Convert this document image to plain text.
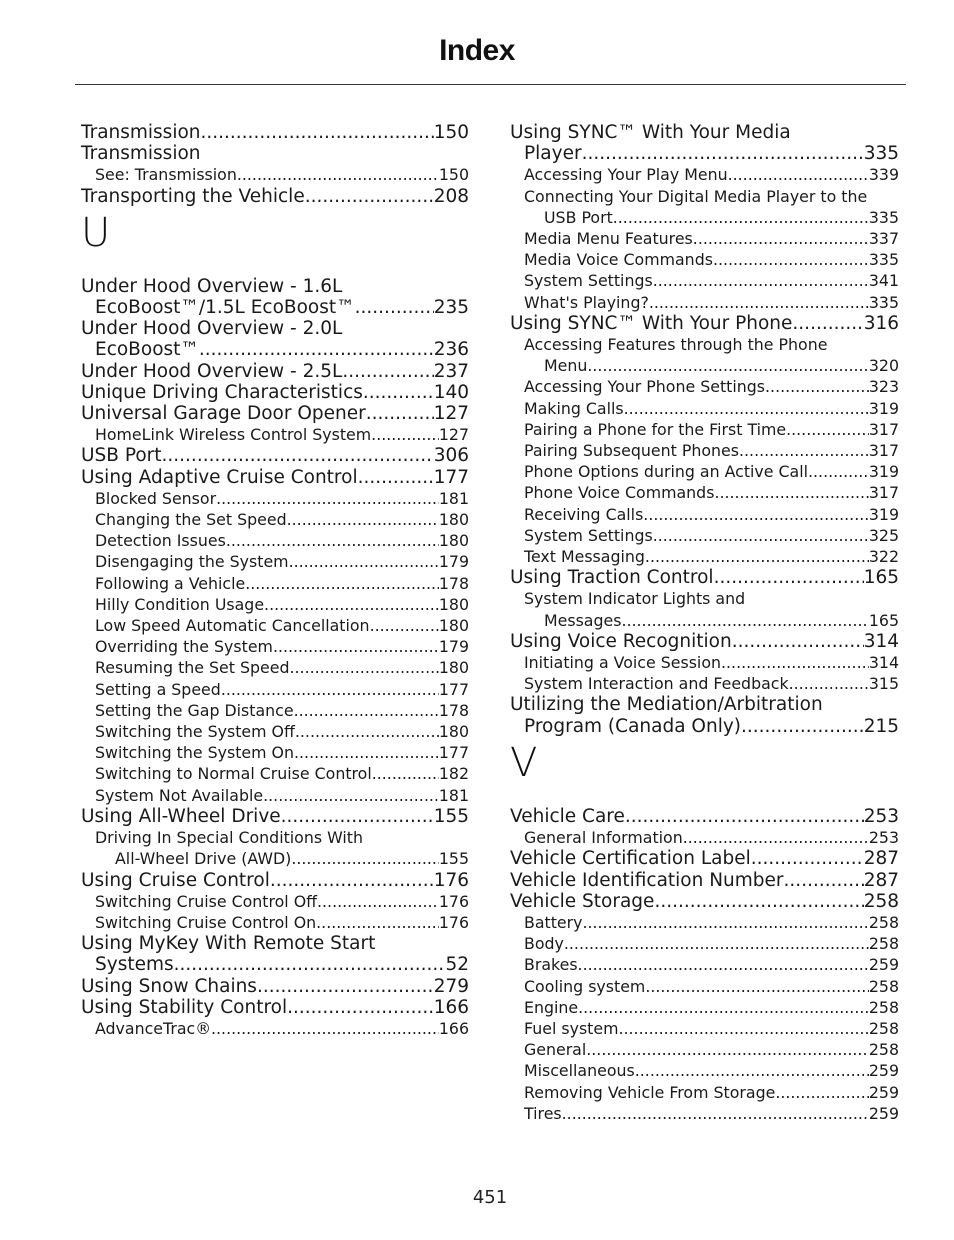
Index
Transmission .....	150
Transmission
See: Transmission .....	150
Transporting the Vehicle .....	208
U
Under Hood Overview - 1.6L
EcoBoost™/1.5L EcoBoost™ .....	235
Under Hood Overview - 2.0L
EcoBoost™ .....	236
Under Hood Overview - 2.5L .....	237
Unique Driving Characteristics .....	140
Universal Garage Door Opener .....	127
HomeLink Wireless Control System .....	127
USB Port .....	306
Using Adaptive Cruise Control .....	177
Blocked Sensor .....	181
Changing the Set Speed .....	180
Detection Issues .....	180
Disengaging the System .....	179
Following a Vehicle .....	178
Hilly Condition Usage .....	180
Low Speed Automatic Cancellation .....	180
Overriding the System .....	179
Resuming the Set Speed .....	180
Setting a Speed .....	177
Setting the Gap Distance .....	178
Switching the System Off .....	180
Switching the System On .....	177
Switching to Normal Cruise Control .....	182
System Not Available .....	181
Using All-Wheel Drive .....	155
Driving In Special Conditions With
All-Wheel Drive (AWD) .....	155
Using Cruise Control .....	176
Switching Cruise Control Off .....	176
Switching Cruise Control On .....	176
Using MyKey With Remote Start
Systems .....	52
Using Snow Chains .....	279
Using Stability Control .....	166
AdvanceTrac® .....	166
Using SYNC™ With Your Media
Player .....	335
Accessing Your Play Menu .....	339
Connecting Your Digital Media Player to the
USB Port .....	335
Media Menu Features .....	337
Media Voice Commands .....	335
System Settings .....	341
What's Playing? .....	335
Using SYNC™ With Your Phone .....	316
Accessing Features through the Phone
Menu .....	320
Accessing Your Phone Settings .....	323
Making Calls .....	319
Pairing a Phone for the First Time .....	317
Pairing Subsequent Phones .....	317
Phone Options during an Active Call .....	319
Phone Voice Commands .....	317
Receiving Calls .....	319
System Settings .....	325
Text Messaging .....	322
Using Traction Control .....	165
System Indicator Lights and
Messages .....	165
Using Voice Recognition .....	314
Initiating a Voice Session .....	314
System Interaction and Feedback .....	315
Utilizing the Mediation/Arbitration
Program (Canada Only) .....	215
V
Vehicle Care .....	253
General Information .....	253
Vehicle Certification Label .....	287
Vehicle Identification Number .....	287
Vehicle Storage .....	258
Battery .....	258
Body .....	258
Brakes .....	259
Cooling system .....	258
Engine .....	258
Fuel system .....	258
General .....	258
Miscellaneous .....	259
Removing Vehicle From Storage .....	259
Tires .....	259
451
